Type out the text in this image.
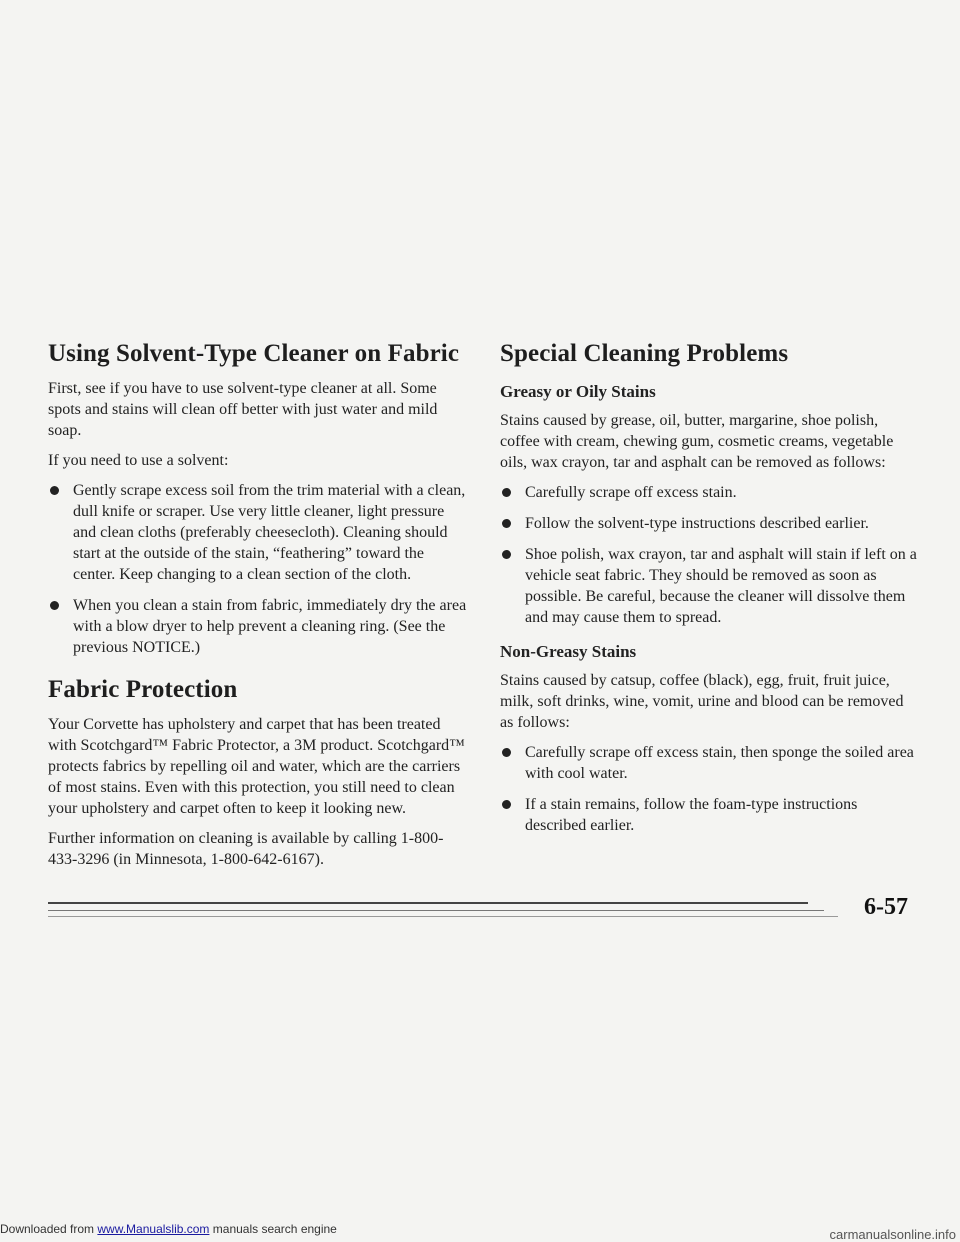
Using Solvent-Type Cleaner on Fabric

First, see if you have to use solvent-type cleaner at all. Some spots and stains will clean off better with just water and mild soap.

If you need to use a solvent:

Gently scrape excess soil from the trim material with a clean, dull knife or scraper. Use very little cleaner, light pressure and clean cloths (preferably cheesecloth). Cleaning should start at the outside of the stain, “feathering” toward the center. Keep changing to a clean section of the cloth.
When you clean a stain from fabric, immediately dry the area with a blow dryer to help prevent a cleaning ring. (See the previous NOTICE.)
Fabric Protection

Your Corvette has upholstery and carpet that has been treated with Scotchgard™ Fabric Protector, a 3M product. Scotchgard™ protects fabrics by repelling oil and water, which are the carriers of most stains. Even with this protection, you still need to clean your upholstery and carpet often to keep it looking new.

Further information on cleaning is available by calling 1-800-433-3296 (in Minnesota, 1-800-642-6167).

Special Cleaning Problems
Greasy or Oily Stains

Stains caused by grease, oil, butter, margarine, shoe polish, coffee with cream, chewing gum, cosmetic creams, vegetable oils, wax crayon, tar and asphalt can be removed as follows:

Carefully scrape off excess stain.
Follow the solvent-type instructions described earlier.
Shoe polish, wax crayon, tar and asphalt will stain if left on a vehicle seat fabric. They should be removed as soon as possible. Be careful, because the cleaner will dissolve them and may cause them to spread.
Non-Greasy Stains

Stains caused by catsup, coffee (black), egg, fruit, fruit juice, milk, soft drinks, wine, vomit, urine and blood can be removed as follows:

Carefully scrape off excess stain, then sponge the soiled area with cool water.
If a stain remains, follow the foam-type instructions described earlier.
6-57
Downloaded from www.Manualslib.com manuals search engine	carmanualsonline.info
